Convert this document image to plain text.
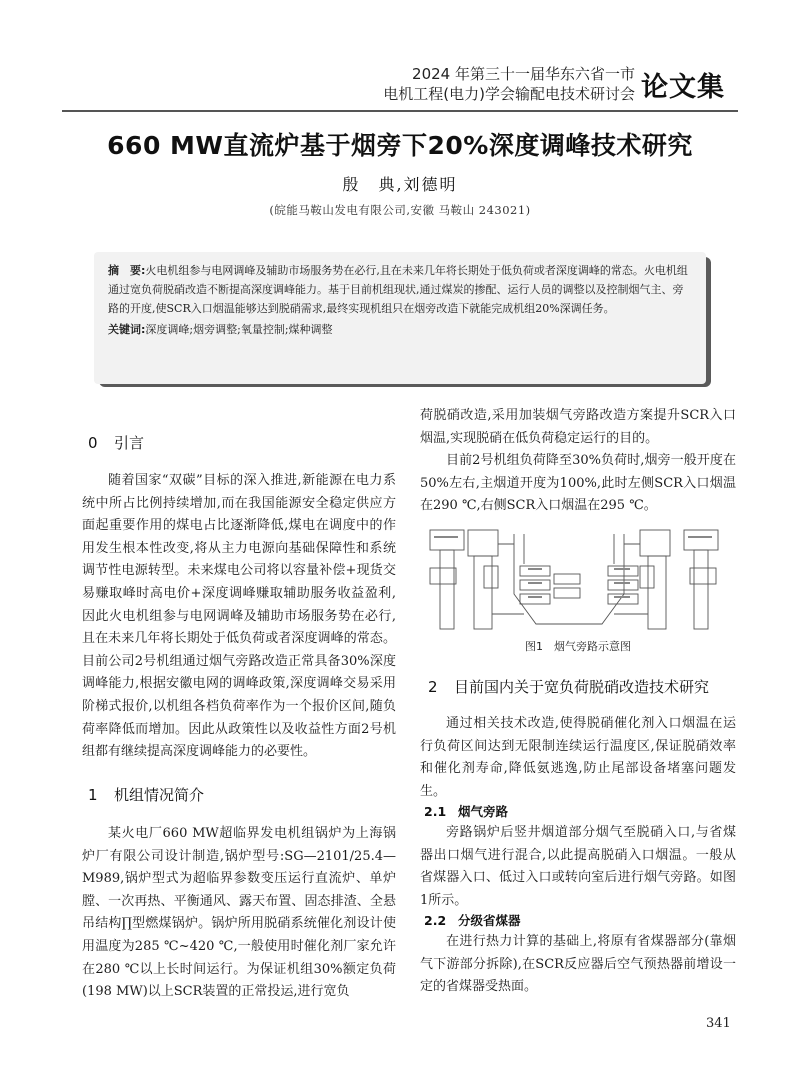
2024 年第三十一届华东六省一市
电机工程(电力)学会输配电技术研讨会 论文集
660 MW直流炉基于烟旁下20%深度调峰技术研究
殷　典,刘德明
(皖能马鞍山发电有限公司,安徽 马鞍山 243021)
摘　要:火电机组参与电网调峰及辅助市场服务势在必行,且在未来几年将长期处于低负荷或者深度调峰的常态。火电机组通过宽负荷脱硝改造不断提高深度调峰能力。基于目前机组现状,通过煤炭的掺配、运行人员的调整以及控制烟气主、旁路的开度,使SCR入口烟温能够达到脱硝需求,最终实现机组只在烟旁改造下就能完成机组20%深调任务。
关键词:深度调峰;烟旁调整;氧量控制;煤种调整
0 引言

随着国家“双碳”目标的深入推进,新能源在电力系统中所占比例持续增加,而在我国能源安全稳定供应方面起重要作用的煤电占比逐渐降低,煤电在调度中的作用发生根本性改变,将从主力电源向基础保障性和系统调节性电源转型。未来煤电公司将以容量补偿+现货交易赚取峰时高电价+深度调峰赚取辅助服务收益盈利,因此火电机组参与电网调峰及辅助市场服务势在必行,且在未来几年将长期处于低负荷或者深度调峰的常态。目前公司2号机组通过烟气旁路改造正常具备30%深度调峰能力,根据安徽电网的调峰政策,深度调峰交易采用阶梯式报价,以机组各档负荷率作为一个报价区间,随负荷率降低而增加。因此从政策性以及收益性方面2号机组都有继续提高深度调峰能力的必要性。

1 机组情况简介

某火电厂660 MW超临界发电机组锅炉为上海锅炉厂有限公司设计制造,锅炉型号:SG—2101/25.4—M989,锅炉型式为超临界参数变压运行直流炉、单炉膛、一次再热、平衡通风、露天布置、固态排渣、全悬吊结构∏型燃煤锅炉。锅炉所用脱硝系统催化剂设计使用温度为285 ℃~420 ℃,一般使用时催化剂厂家允许在280 ℃以上长时间运行。为保证机组30%额定负荷(198 MW)以上SCR装置的正常投运,进行宽负

荷脱硝改造,采用加装烟气旁路改造方案提升SCR入口烟温,实现脱硝在低负荷稳定运行的目的。

目前2号机组负荷降至30%负荷时,烟旁一般开度在50%左右,主烟道开度为100%,此时左侧SCR入口烟温在290 ℃,右侧SCR入口烟温在295 ℃。

图1　烟气旁路示意图
2 目前国内关于宽负荷脱硝改造技术研究

通过相关技术改造,使得脱硝催化剂入口烟温在运行负荷区间达到无限制连续运行温度区,保证脱硝效率和催化剂寿命,降低氨逃逸,防止尾部设备堵塞问题发生。

2.1 烟气旁路

旁路锅炉后竖井烟道部分烟气至脱硝入口,与省煤器出口烟气进行混合,以此提高脱硝入口烟温。一般从省煤器入口、低过入口或转向室后进行烟气旁路。如图1所示。

2.2 分级省煤器

在进行热力计算的基础上,将原有省煤器部分(靠烟气下游部分拆除),在SCR反应器后空气预热器前增设一定的省煤器受热面。

341
